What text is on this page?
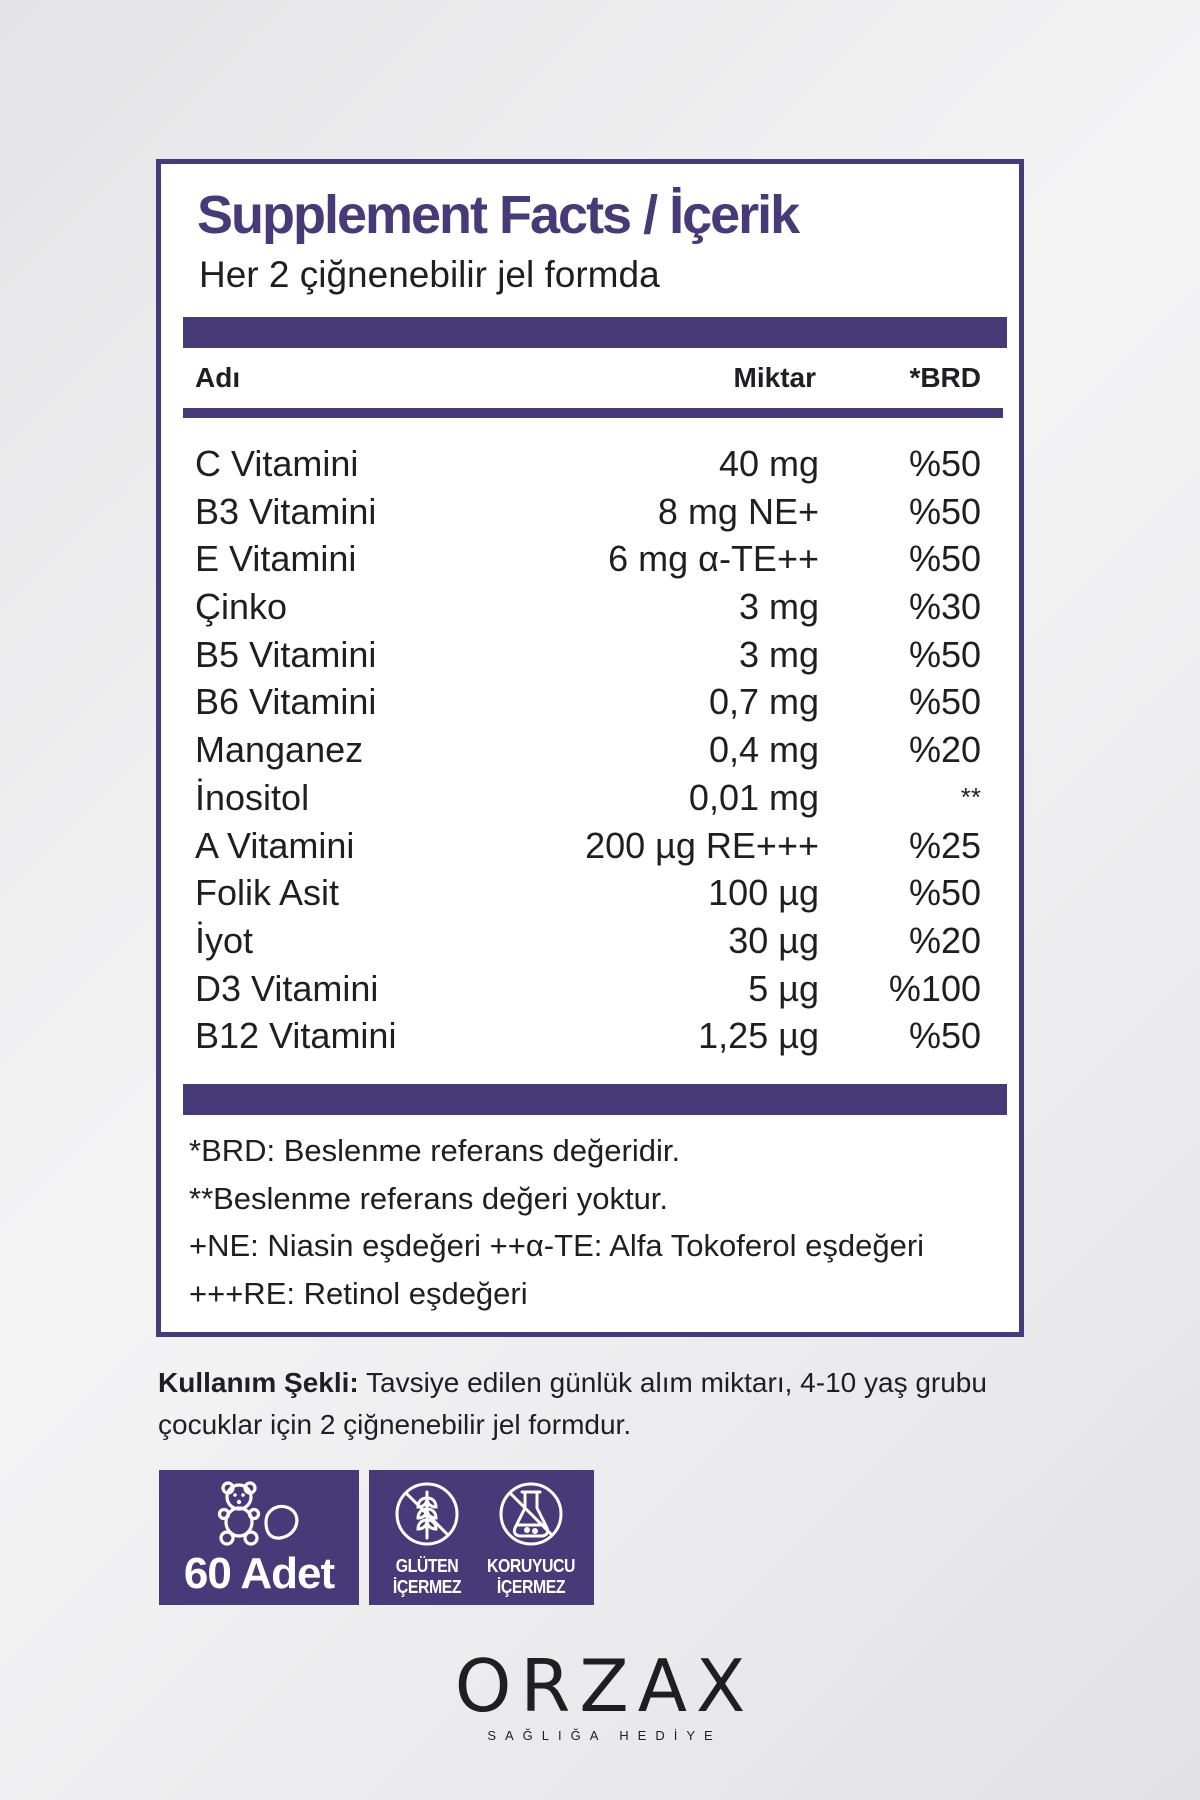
Supplement Facts / İçerik
Her 2 çiğnenebilir jel formda
Adı	Miktar	*BRD
C Vitamini	40 mg %50
B3 Vitamini	8 mg NE+ %50
E Vitamini	6 mg α-TE++ %50
Çinko	3 mg %30
B5 Vitamini	3 mg %50
B6 Vitamini	0,7 mg %50
Manganez	0,4 mg %20
İnositol	0,01 mg	**
A Vitamini	200 µg RE+++ %25
Folik Asit	100 µg %50
İyot	30 µg %20
D3 Vitamini	5 µg %100
B12 Vitamini	1,25 µg %50
*BRD: Beslenme referans değeridir.
**Beslenme referans değeri yoktur.
+NE: Niasin eşdeğeri ++α-TE: Alfa Tokoferol eşdeğeri
+++RE: Retinol eşdeğeri
Kullanım Şekli: Tavsiye edilen günlük alım miktarı, 4-10 yaş grubu çocuklar için 2 çiğnenebilir jel formdur.
60 Adet	GLÜTEN
İÇERMEZ
KORUYUCU
İÇERMEZ
ORZAX
SAĞLIĞA HEDİYE
